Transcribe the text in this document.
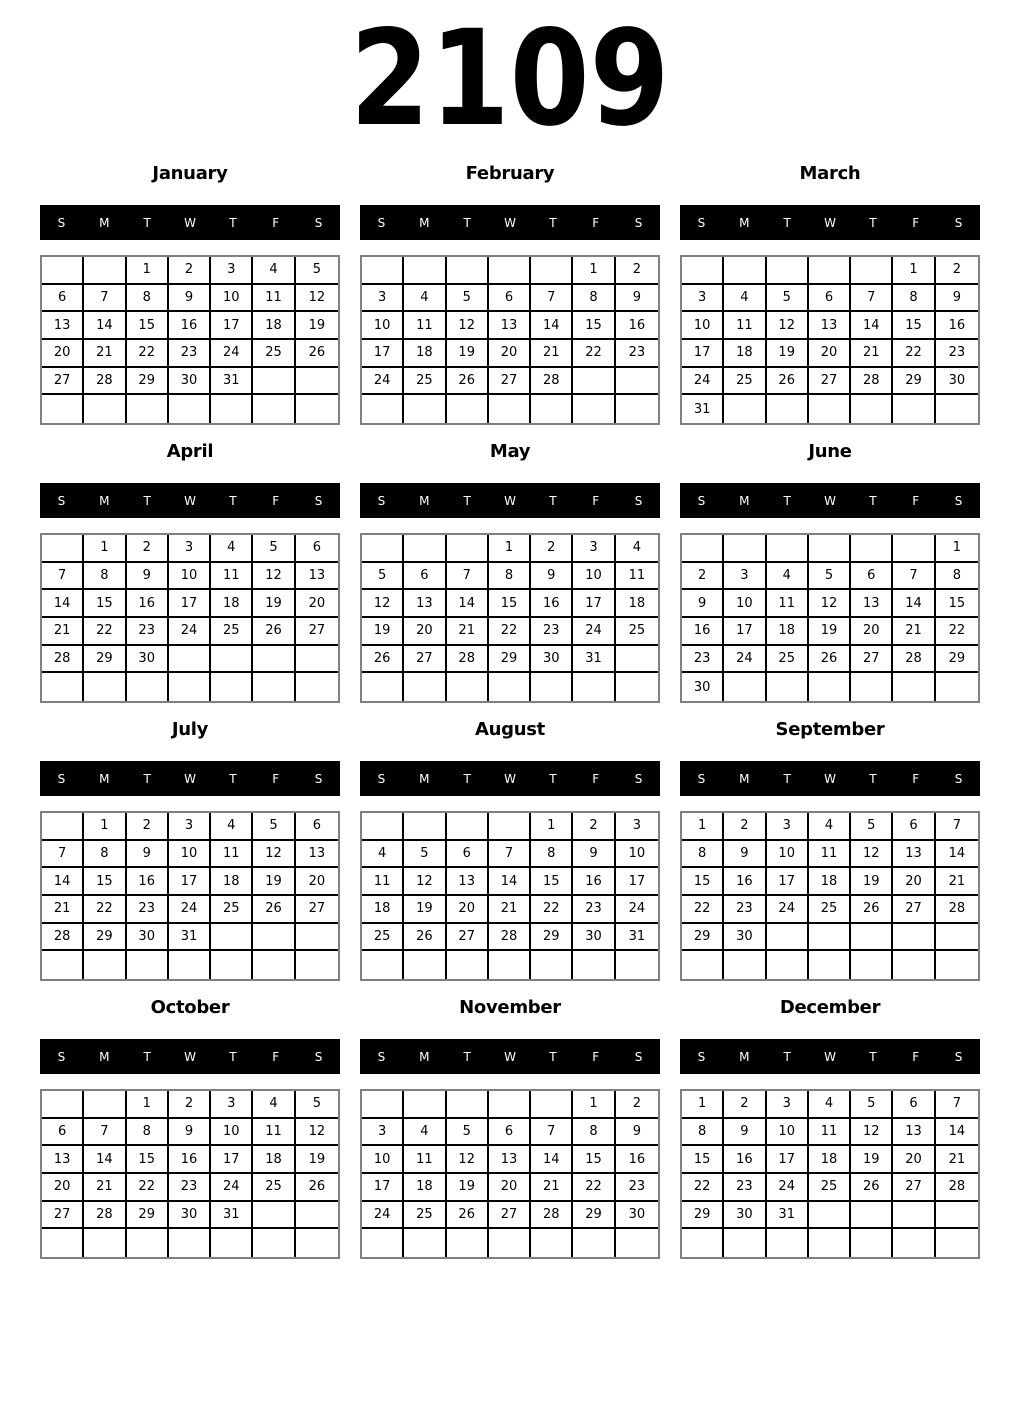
2109
January
S	M	T	W	T	F	S
		1	2	3	4	5
6	7	8	9	10	11	12
13	14	15	16	17	18	19
20	21	22	23	24	25	26
27	28	29	30	31		

February
S	M	T	W	T	F	S
					1	2
3	4	5	6	7	8	9
10	11	12	13	14	15	16
17	18	19	20	21	22	23
24	25	26	27	28		

March
S	M	T	W	T	F	S
					1	2
3	4	5	6	7	8	9
10	11	12	13	14	15	16
17	18	19	20	21	22	23
24	25	26	27	28	29	30
31						
April
S	M	T	W	T	F	S
	1	2	3	4	5	6
7	8	9	10	11	12	13
14	15	16	17	18	19	20
21	22	23	24	25	26	27
28	29	30				

May
S	M	T	W	T	F	S
			1	2	3	4
5	6	7	8	9	10	11
12	13	14	15	16	17	18
19	20	21	22	23	24	25
26	27	28	29	30	31	

June
S	M	T	W	T	F	S
						1
2	3	4	5	6	7	8
9	10	11	12	13	14	15
16	17	18	19	20	21	22
23	24	25	26	27	28	29
30						
July
S	M	T	W	T	F	S
	1	2	3	4	5	6
7	8	9	10	11	12	13
14	15	16	17	18	19	20
21	22	23	24	25	26	27
28	29	30	31			

August
S	M	T	W	T	F	S
				1	2	3
4	5	6	7	8	9	10
11	12	13	14	15	16	17
18	19	20	21	22	23	24
25	26	27	28	29	30	31

September
S	M	T	W	T	F	S
1	2	3	4	5	6	7
8	9	10	11	12	13	14
15	16	17	18	19	20	21
22	23	24	25	26	27	28
29	30					

October
S	M	T	W	T	F	S
		1	2	3	4	5
6	7	8	9	10	11	12
13	14	15	16	17	18	19
20	21	22	23	24	25	26
27	28	29	30	31		

November
S	M	T	W	T	F	S
					1	2
3	4	5	6	7	8	9
10	11	12	13	14	15	16
17	18	19	20	21	22	23
24	25	26	27	28	29	30

December
S	M	T	W	T	F	S
1	2	3	4	5	6	7
8	9	10	11	12	13	14
15	16	17	18	19	20	21
22	23	24	25	26	27	28
29	30	31				
